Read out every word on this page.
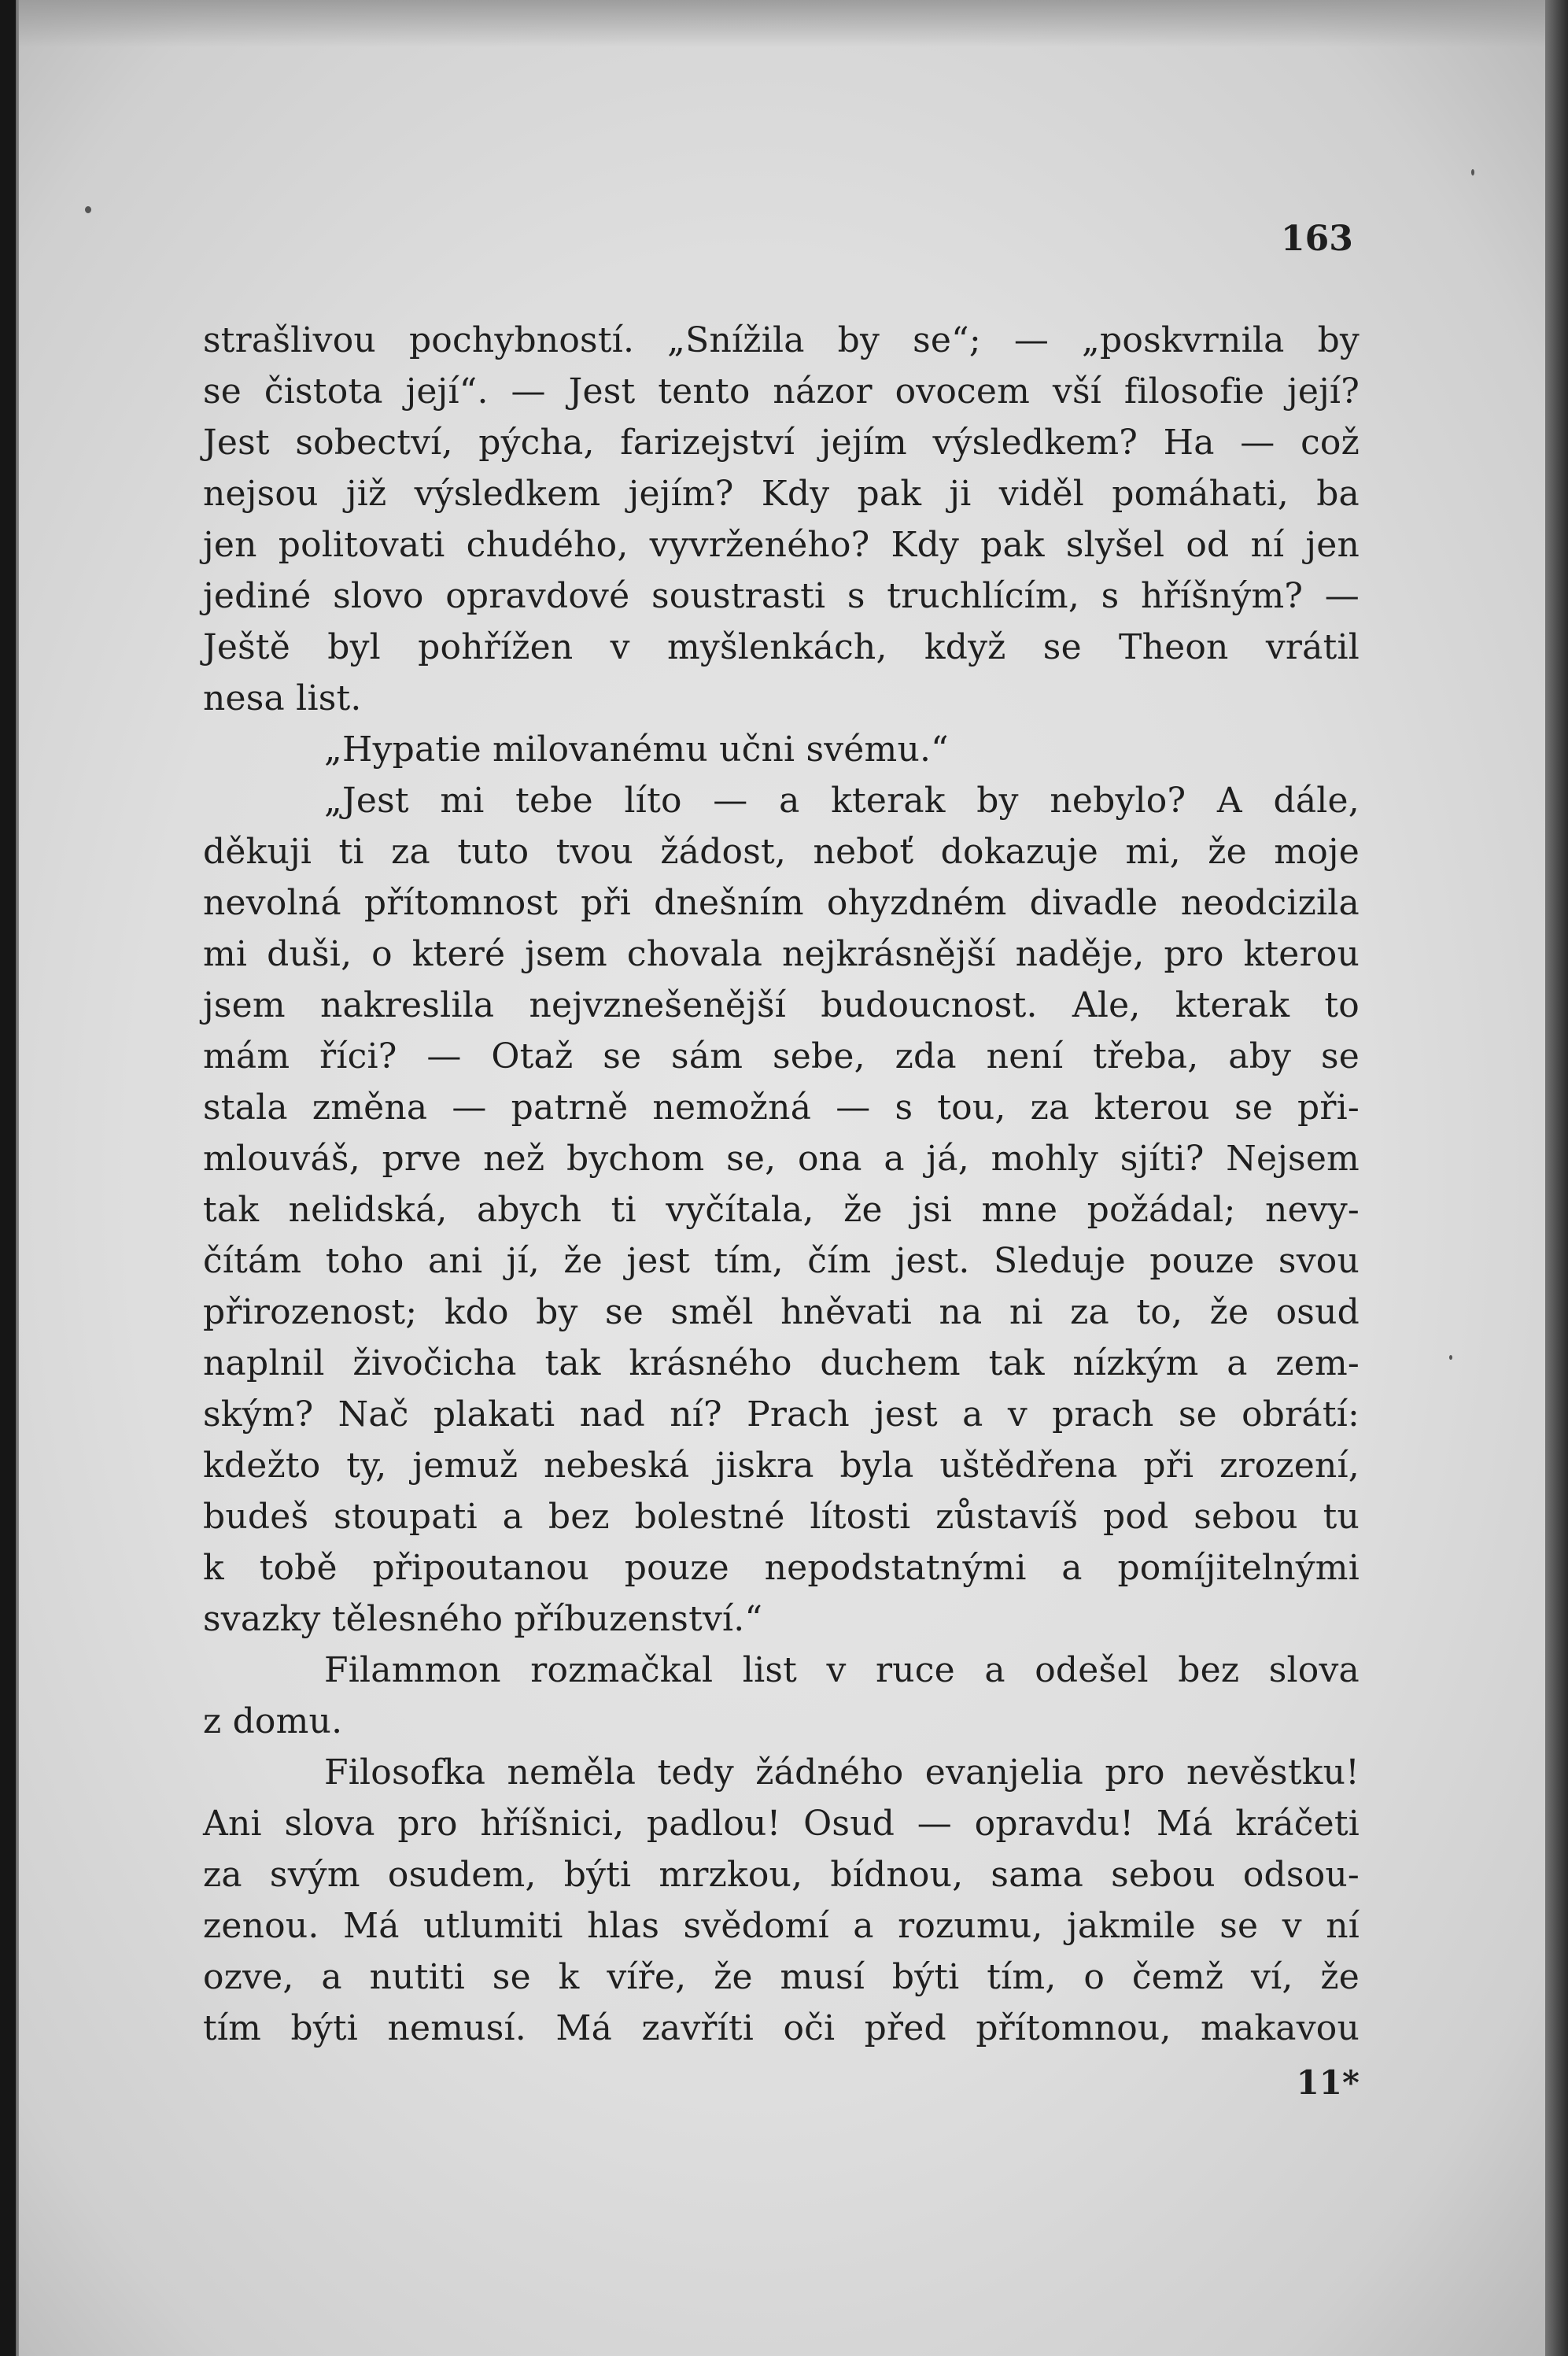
163
strašlivou pochybností. „Snížila by se“; — „poskvrnila by
se čistota její“. — Jest tento názor ovocem vší filosofie její?
Jest sobectví, pýcha, farizejství jejím výsledkem? Ha — což
nejsou již výsledkem jejím? Kdy pak ji viděl pomáhati, ba
jen politovati chudého, vyvrženého? Kdy pak slyšel od ní jen
jediné slovo opravdové soustrasti s truchlícím, s hříšným? —
Ještě byl pohřížen v myšlenkách, když se Theon vrátil
nesa list.
„Hypatie milovanému učni svému.“
„Jest mi tebe líto — a kterak by nebylo? A dále,
děkuji ti za tuto tvou žádost, neboť dokazuje mi, že moje
nevolná přítomnost při dnešním ohyzdném divadle neodcizila
mi duši, o které jsem chovala nejkrásnější naděje, pro kterou
jsem nakreslila nejvznešenější budoucnost. Ale, kterak to
mám říci? — Otaž se sám sebe, zda není třeba, aby se
stala změna — patrně nemožná — s tou, za kterou se při-
mlouváš, prve než bychom se, ona a já, mohly sjíti? Nejsem
tak nelidská, abych ti vyčítala, že jsi mne požádal; nevy-
čítám toho ani jí, že jest tím, čím jest. Sleduje pouze svou
přirozenost; kdo by se směl hněvati na ni za to, že osud
naplnil živočicha tak krásného duchem tak nízkým a zem-
ským? Nač plakati nad ní? Prach jest a v prach se obrátí:
kdežto ty, jemuž nebeská jiskra byla uštědřena při zrození,
budeš stoupati a bez bolestné lítosti zůstavíš pod sebou tu
k tobě připoutanou pouze nepodstatnými a pomíjitelnými
svazky tělesného příbuzenství.“
Filammon rozmačkal list v ruce a odešel bez slova
z domu.
Filosofka neměla tedy žádného evanjelia pro nevěstku!
Ani slova pro hříšnici, padlou! Osud — opravdu! Má kráčeti
za svým osudem, býti mrzkou, bídnou, sama sebou odsou-
zenou. Má utlumiti hlas svědomí a rozumu, jakmile se v ní
ozve, a nutiti se k víře, že musí býti tím, o čemž ví, že
tím býti nemusí. Má zavříti oči před přítomnou, makavou
11*
